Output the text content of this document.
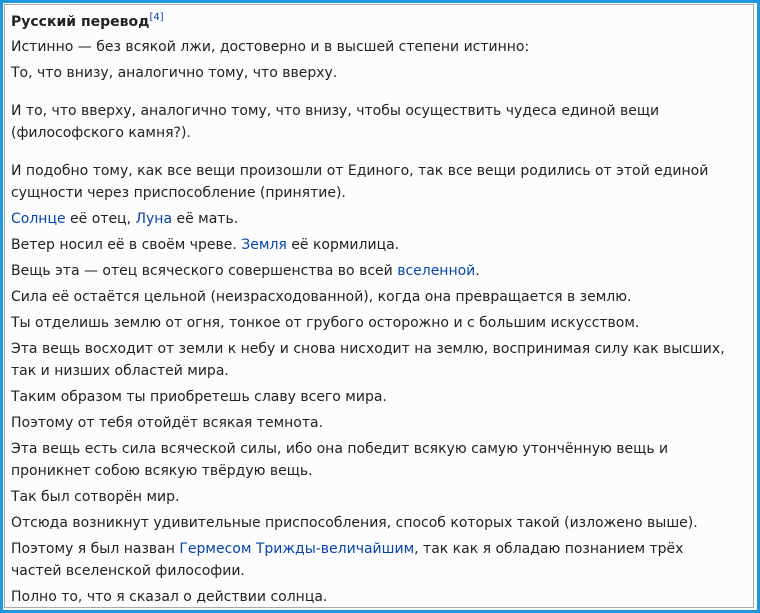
Русский перевод[4]
Истинно — без всякой лжи, достоверно и в высшей степени истинно:
То, что внизу, аналогично тому, что вверху.
И то, что вверху, аналогично тому, что внизу, чтобы осуществить чудеса единой вещи (философского камня?).
И подобно тому, как все вещи произошли от Единого, так все вещи родились от этой единой сущности через приспособление (принятие).
Солнце её отец, Луна её мать.
Ветер носил её в своём чреве. Земля её кормилица.
Вещь эта — отец всяческого совершенства во всей вселенной.
Сила её остаётся цельной (неизрасходованной), когда она превращается в землю.
Ты отделишь землю от огня, тонкое от грубого осторожно и с большим искусством.
Эта вещь восходит от земли к небу и снова нисходит на землю, воспринимая силу как высших, так и низших областей мира.
Таким образом ты приобретешь славу всего мира.
Поэтому от тебя отойдёт всякая темнота.
Эта вещь есть сила всяческой силы, ибо она победит всякую самую утончённую вещь и проникнет собою всякую твёрдую вещь.
Так был сотворён мир.
Отсюда возникнут удивительные приспособления, способ которых такой (изложено выше).
Поэтому я был назван Гермесом Трижды-величайшим, так как я обладаю познанием трёх частей вселенской философии.
Полно то, что я сказал о действии солнца.
